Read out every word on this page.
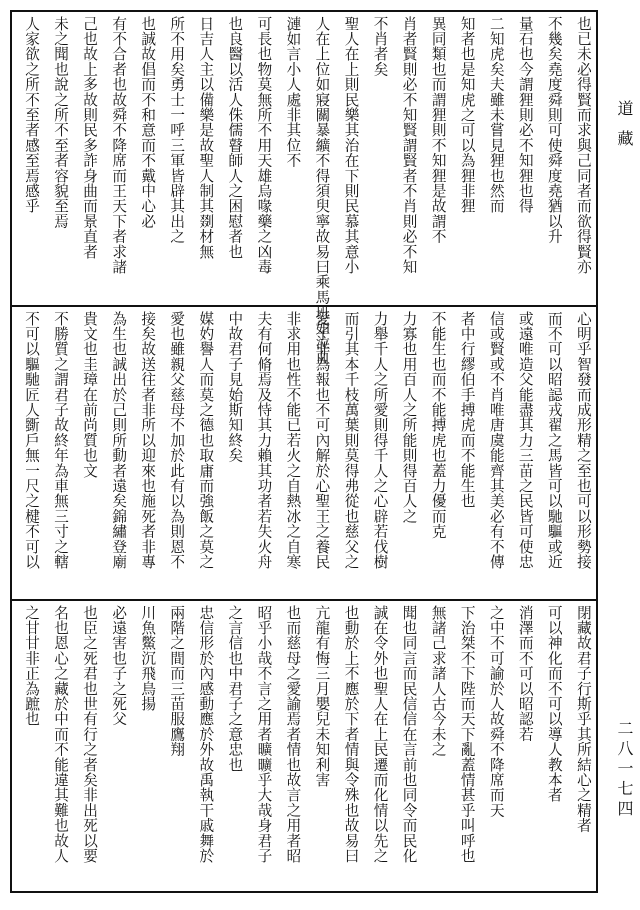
也已未必得賢而求與己同者而欲得賢亦
不幾矣堯度舜則可使舜度堯猶以升
量石也今謂狸則必不知狸也得
二知虎矣夫雖未嘗見狸也然而
知者也是知虎之可以為狸非狸
異同類也而謂狸則不知狸是故謂不
肖者賢則必不知賢謂賢者不肖則必不知
不肖者矣
聖人在上則民樂其治在下則民慕其意小
人在上位如寢關暴纊不得須臾寧故易曰乘馬班如泣血
漣如言小人處非其位不
可長也物莫無所不用天雄烏喙藥之凶毒
也良醫以活人侏儒瞽師人之困慰者也
日吉人主以備樂是故聖人制其剟材無
所不用矣勇士一呼三軍皆辟其出之
也誠故倡而不和意而不戴中心必
有不合者也故舜不降席而王天下者求諸
己也故上多故則民多詐身曲而景直者
未之聞也說之所不至者容貌至焉
人家欲之所不至者感至焉感乎
心明乎智發而成形精之至也可以形勢接
而不可以昭誋戎翟之馬皆可以馳驅或近
或遠唯造父能盡其力三苗之民皆可使忠
信或賢或不肖唯唐虞能齊其美必有不傳
者中行繆伯手搏虎而不能生也
不能生也而不能搏虎也蓋力優而克
力寡也用百人之所能則得百人之
力舉千人之所愛則得千人之心辟若伐樹
而引其本千枝萬葉則莫得弗從也慈父之
愛子非為報也不可內解於心聖王之養民
非求用也性不能已若火之自熱冰之自寒
夫有何脩焉及恃其力賴其功者若失火舟
中故君子見始斯知終矣
媒妁譽人而莫之德也取庸而強飯之莫之
愛也雖親父慈母不加於此有以為則恩不
接矣故送往者非所以迎來也施死者非專
為生也誠出於己則所動者遠矣錦繡登廟
貴文也圭璋在前尚質也文
不勝質之謂君子故終年為車無三寸之轄
不可以驅馳匠人斵戶無一尺之楗不可以
閉藏故君子行斯乎其所結心之精者
可以神化而不可以導人教本者
消澤而不可以昭認若
之中不可諭於人故舜不降席而天
下治桀不下陛而天下亂蓋情甚乎叫呼也
無諸己求諸人古今未之
聞也同言而民信信在言前也同令而民化
誠在令外也聖人在上民遷而化情以先之
也動於上不應於下者情與令殊也故易曰
亢龍有悔三月嬰兒未知利害
也而慈母之愛諭焉者情也故言之用者昭
昭乎小哉不言之用者曠曠乎大哉身君子
之言信也中君子之意忠也
忠信形於內感動應於外故禹執干戚舞於
兩階之間而三苗服鷹翔
川魚鱉沉飛鳥揚
必遠害也子之死父
也臣之死君也世有行之者矣非出死以要
名也恩心之藏於中而不能違其難也故人
之甘甘非正為蹠也
道藏
二八一七四
